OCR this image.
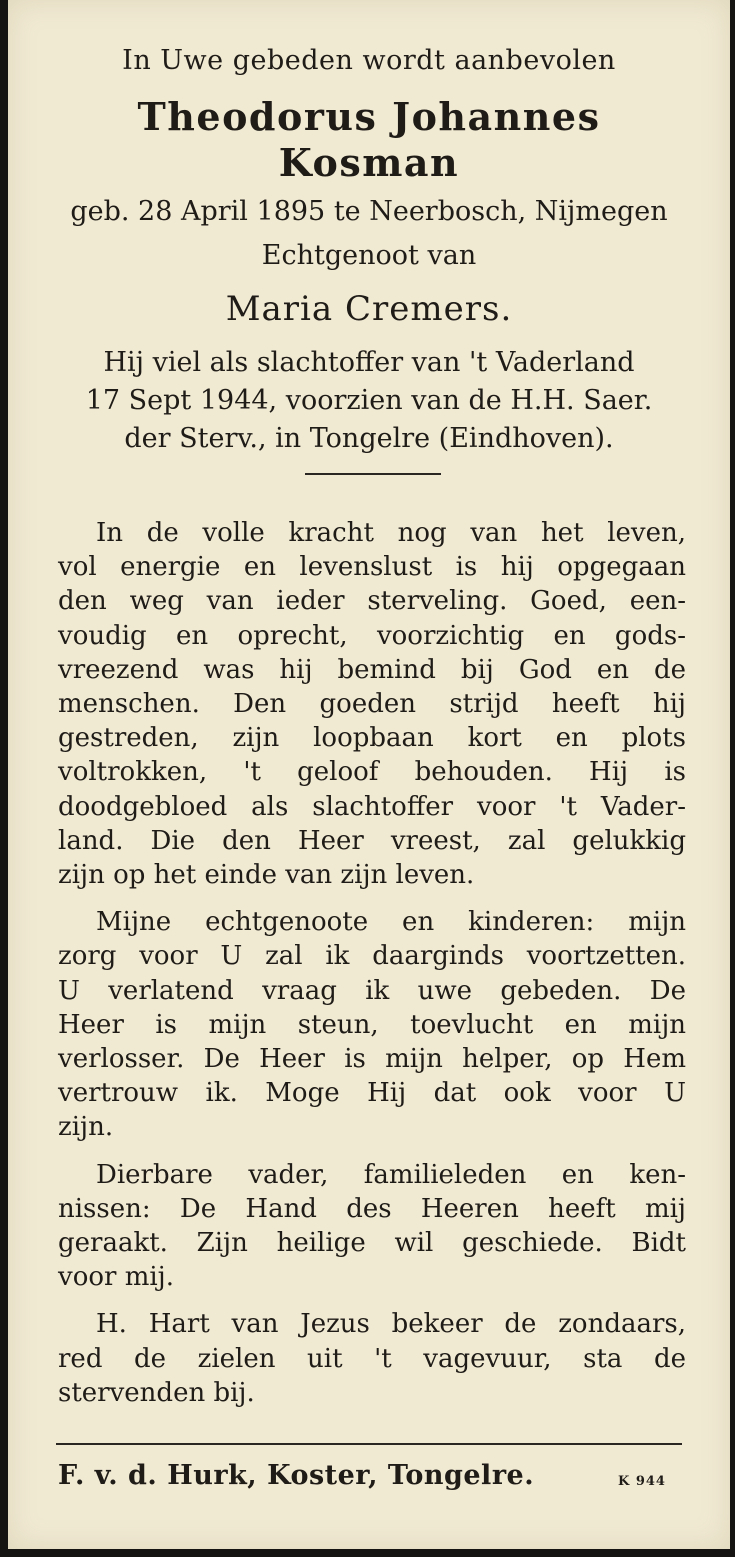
In Uwe gebeden wordt aanbevolen
Theodorus Johannes
Kosman
geb. 28 April 1895 te Neerbosch, Nijmegen
Echtgenoot van
Maria Cremers.
Hij viel als slachtoffer van 't Vaderland
17 Sept 1944, voorzien van de H.H. Saer.
der Sterv., in Tongelre (Eindhoven).
In de volle kracht nog van het leven,
vol energie en levenslust is hij opgegaan
den weg van ieder sterveling. Goed, een-
voudig en oprecht, voorzichtig en gods-
vreezend was hij bemind bij God en de
menschen. Den goeden strijd heeft hij
gestreden, zijn loopbaan kort en plots
voltrokken, 't geloof behouden. Hij is
doodgebloed als slachtoffer voor 't Vader-
land. Die den Heer vreest, zal gelukkig
zijn op het einde van zijn leven.
Mijne echtgenoote en kinderen: mijn
zorg voor U zal ik daarginds voortzetten.
U verlatend vraag ik uwe gebeden. De
Heer is mijn steun, toevlucht en mijn
verlosser. De Heer is mijn helper, op Hem
vertrouw ik. Moge Hij dat ook voor U
zijn.
Dierbare vader, familieleden en ken-
nissen: De Hand des Heeren heeft mij
geraakt. Zijn heilige wil geschiede. Bidt
voor mij.
H. Hart van Jezus bekeer de zondaars,
red de zielen uit 't vagevuur, sta de
stervenden bij.
F. v. d. Hurk, Koster, Tongelre.	K 944
